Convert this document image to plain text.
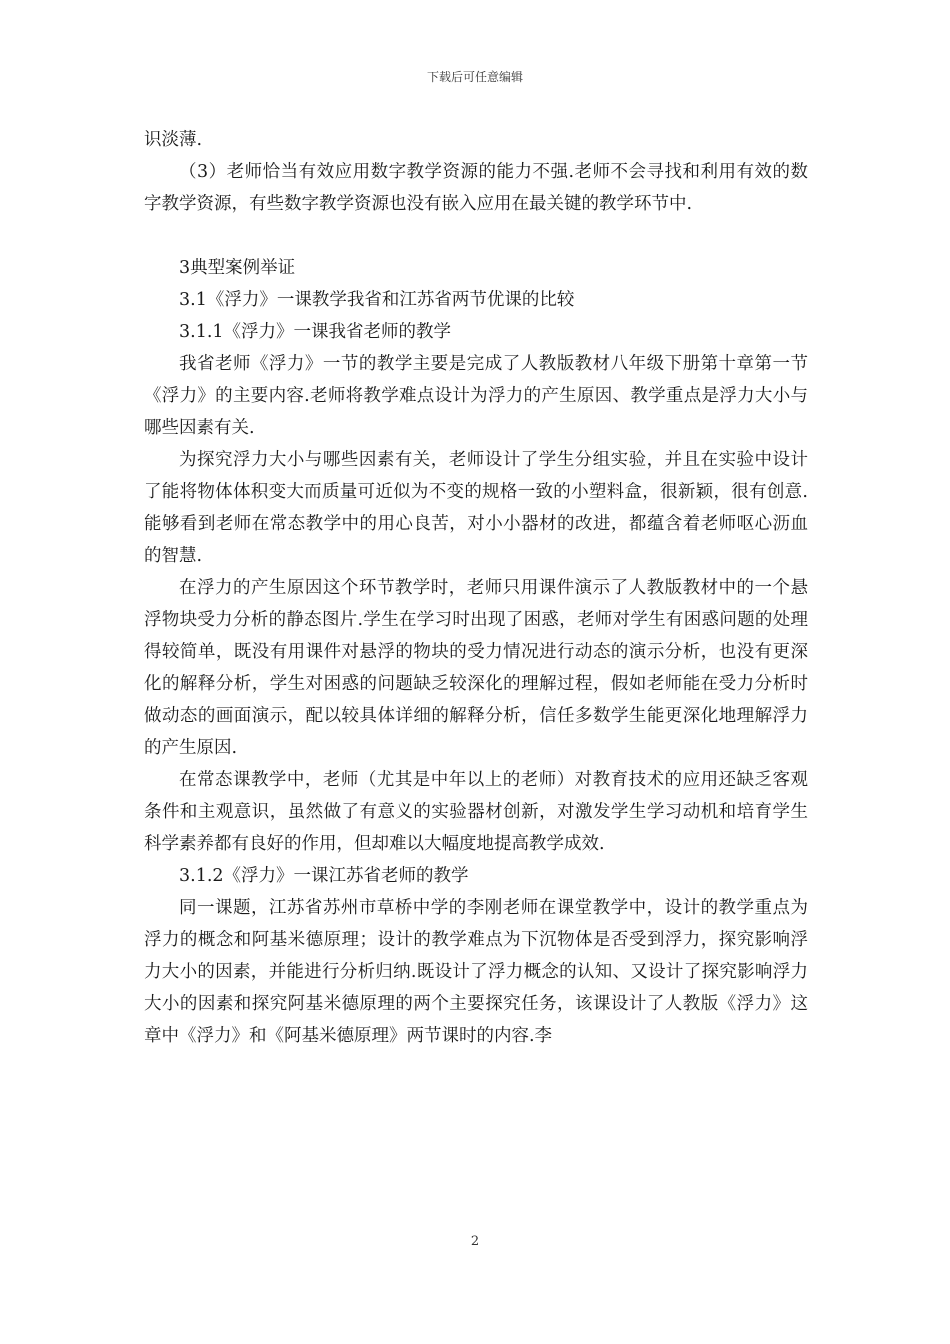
下载后可任意编辑

识淡薄.

（3）老师恰当有效应用数字教学资源的能力不强.老师不会寻找和利用有效的数字教学资源，有些数字教学资源也没有嵌入应用在最关键的教学环节中.

3典型案例举证

3.1《浮力》一课教学我省和江苏省两节优课的比较

3.1.1《浮力》一课我省老师的教学

我省老师《浮力》一节的教学主要是完成了人教版教材八年级下册第十章第一节《浮力》的主要内容.老师将教学难点设计为浮力的产生原因、教学重点是浮力大小与哪些因素有关.

为探究浮力大小与哪些因素有关，老师设计了学生分组实验，并且在实验中设计了能将物体体积变大而质量可近似为不变的规格一致的小塑料盒，很新颖，很有创意.能够看到老师在常态教学中的用心良苦，对小小器材的改进，都蕴含着老师呕心沥血的智慧.

在浮力的产生原因这个环节教学时，老师只用课件演示了人教版教材中的一个悬浮物块受力分析的静态图片.学生在学习时出现了困惑，老师对学生有困惑问题的处理得较简单，既没有用课件对悬浮的物块的受力情况进行动态的演示分析，也没有更深化的解释分析，学生对困惑的问题缺乏较深化的理解过程，假如老师能在受力分析时做动态的画面演示，配以较具体详细的解释分析，信任多数学生能更深化地理解浮力的产生原因.

在常态课教学中，老师（尤其是中年以上的老师）对教育技术的应用还缺乏客观条件和主观意识，虽然做了有意义的实验器材创新，对激发学生学习动机和培育学生科学素养都有良好的作用，但却难以大幅度地提高教学成效.

3.1.2《浮力》一课江苏省老师的教学

同一课题，江苏省苏州市草桥中学的李刚老师在课堂教学中，设计的教学重点为浮力的概念和阿基米德原理；设计的教学难点为下沉物体是否受到浮力，探究影响浮力大小的因素，并能进行分析归纳.既设计了浮力概念的认知、又设计了探究影响浮力大小的因素和探究阿基米德原理的两个主要探究任务，该课设计了人教版《浮力》这章中《浮力》和《阿基米德原理》两节课时的内容.李

2
